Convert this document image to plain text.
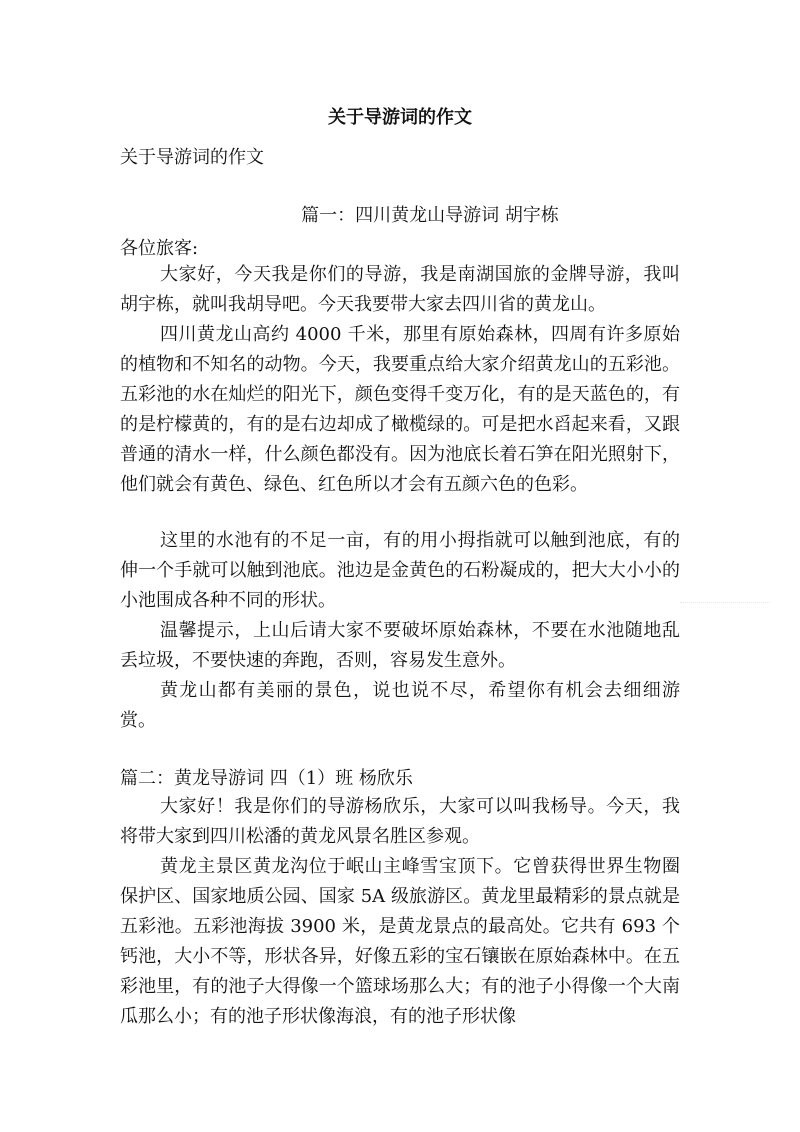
关于导游词的作文
关于导游词的作文
篇一：四川黄龙山导游词 胡宇栋
各位旅客:
大家好，今天我是你们的导游，我是南湖国旅的金牌导游，我叫胡宇栋，就叫我胡导吧。今天我要带大家去四川省的黄龙山。
四川黄龙山高约 4000 千米，那里有原始森林，四周有许多原始的植物和不知名的动物。今天，我要重点给大家介绍黄龙山的五彩池。五彩池的水在灿烂的阳光下，颜色变得千变万化，有的是天蓝色的，有的是柠檬黄的，有的是右边却成了橄榄绿的。可是把水舀起来看，又跟普通的清水一样，什么颜色都没有。因为池底长着石笋在阳光照射下，他们就会有黄色、绿色、红色所以才会有五颜六色的色彩。
这里的水池有的不足一亩，有的用小拇指就可以触到池底，有的伸一个手就可以触到池底。池边是金黄色的石粉凝成的，把大大小小的小池围成各种不同的形状。
温馨提示，上山后请大家不要破坏原始森林，不要在水池随地乱丢垃圾，不要快速的奔跑，否则，容易发生意外。
黄龙山都有美丽的景色，说也说不尽，希望你有机会去细细游赏。
篇二：黄龙导游词 四（1）班 杨欣乐
大家好！我是你们的导游杨欣乐，大家可以叫我杨导。今天，我将带大家到四川松潘的黄龙风景名胜区参观。
黄龙主景区黄龙沟位于岷山主峰雪宝顶下。它曾获得世界生物圈保护区、国家地质公园、国家 5A 级旅游区。黄龙里最精彩的景点就是五彩池。五彩池海拔 3900 米，是黄龙景点的最高处。它共有 693 个钙池，大小不等，形状各异，好像五彩的宝石镶嵌在原始森林中。在五彩池里，有的池子大得像一个篮球场那么大；有的池子小得像一个大南瓜那么小；有的池子形状像海浪，有的池子形状像
